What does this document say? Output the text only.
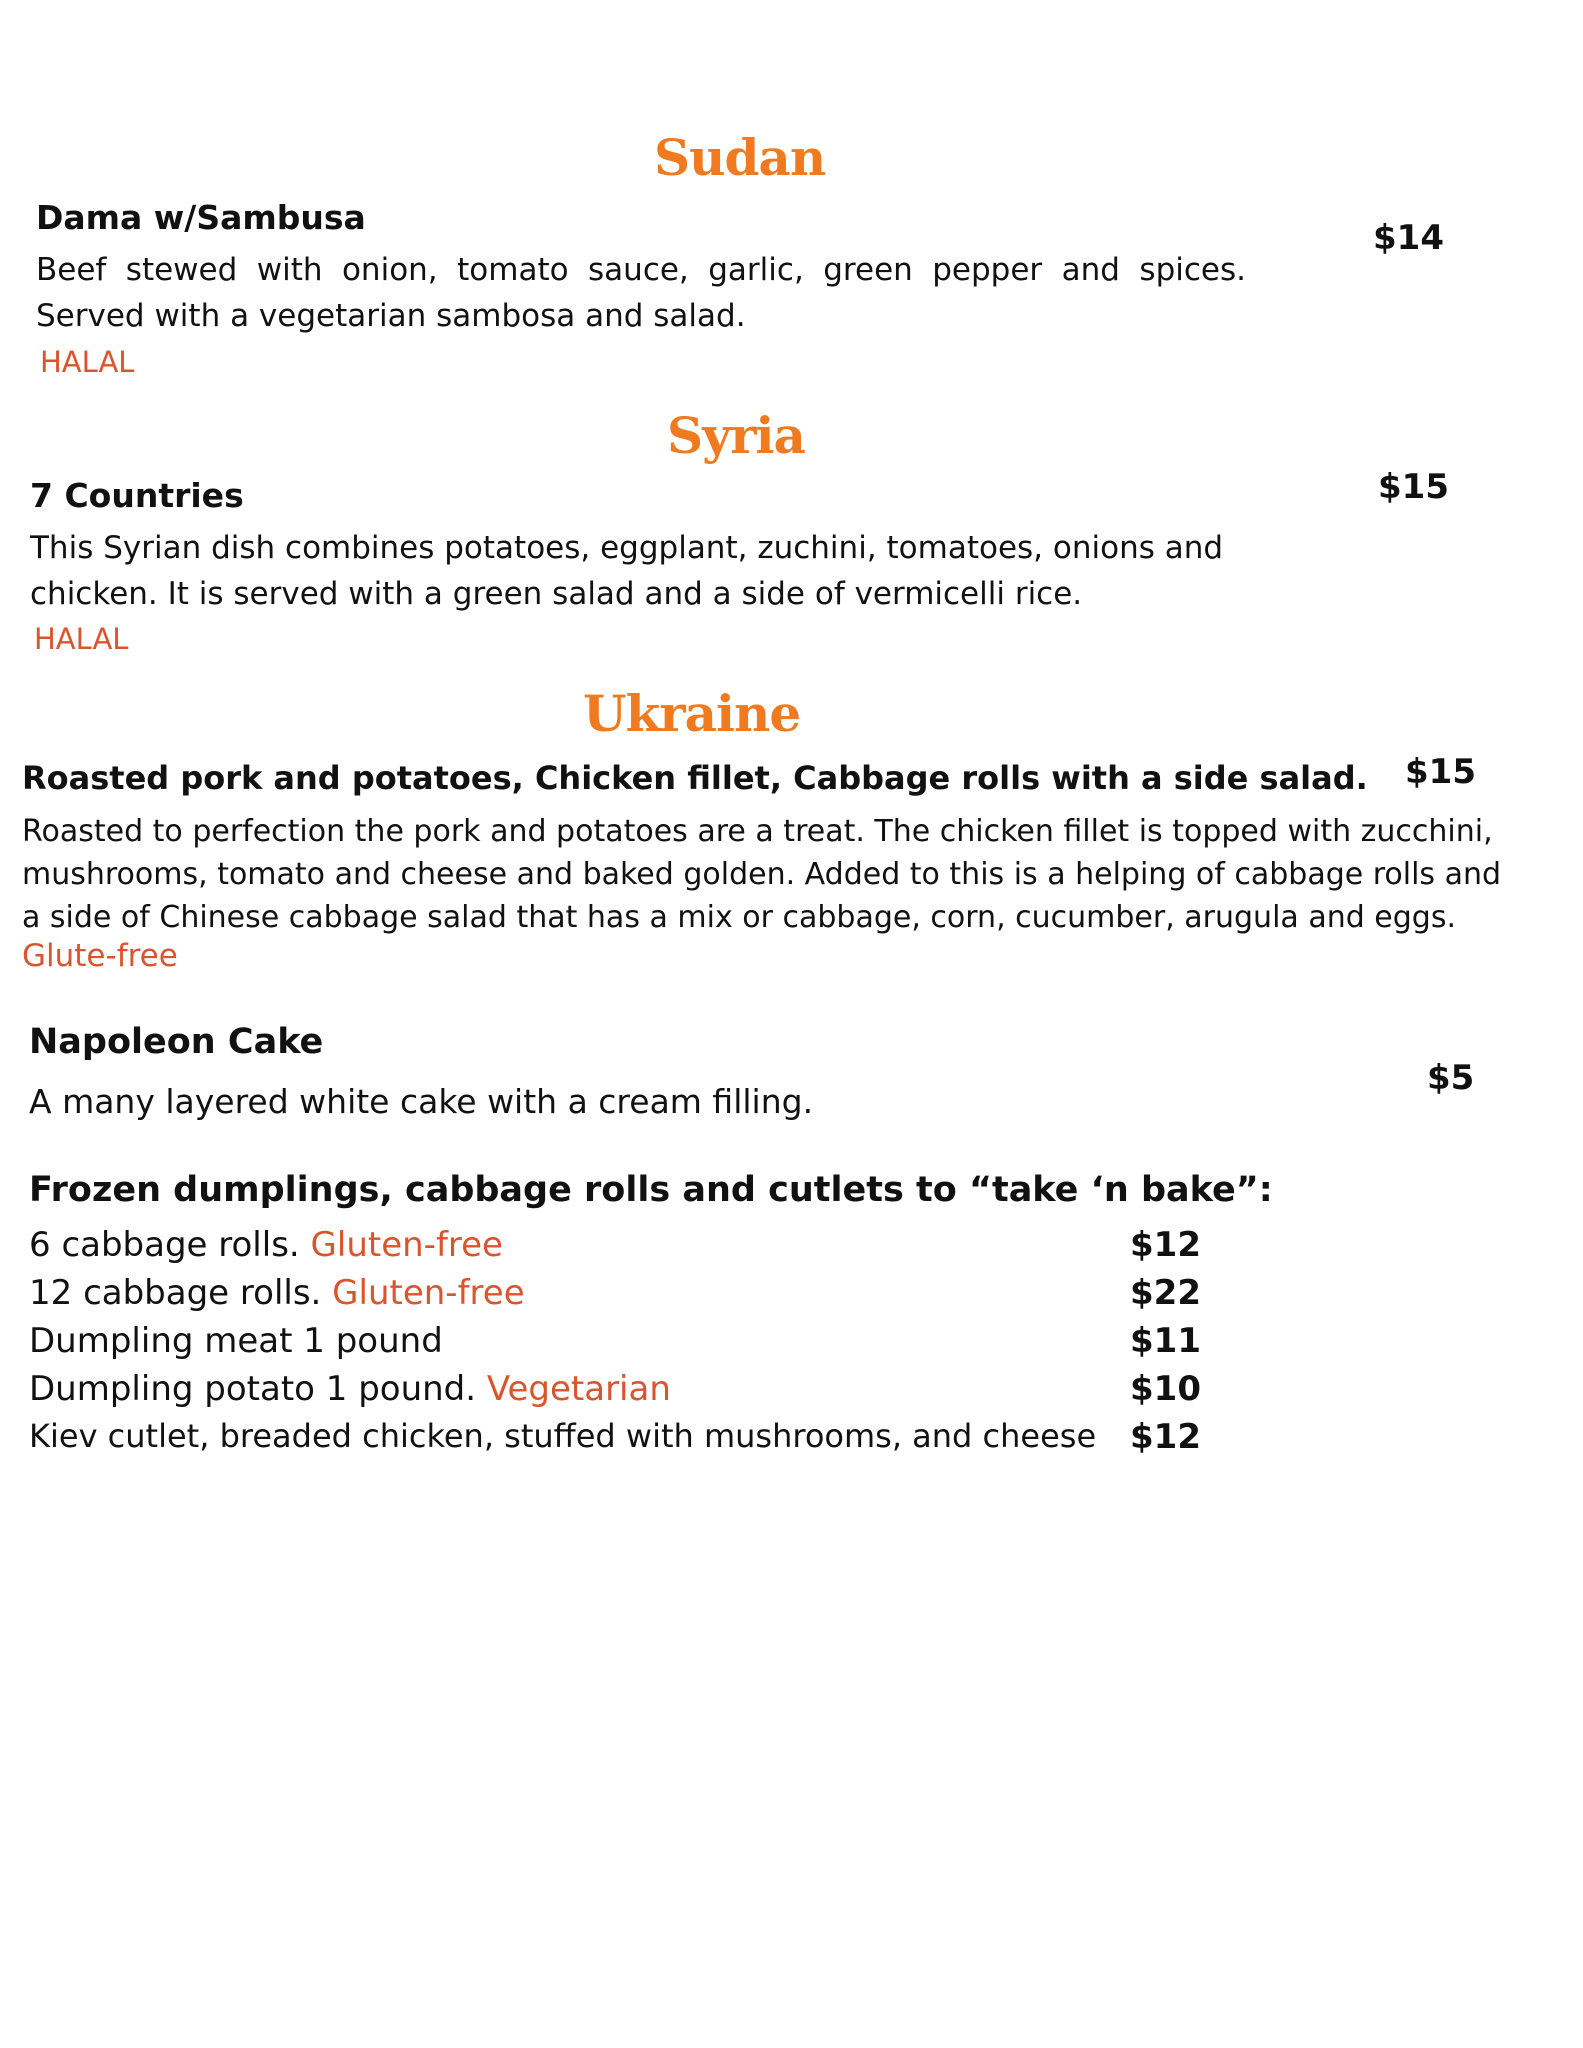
Sudan
Dama w/Sambusa
$14
Beef stewed with onion, tomato sauce, garlic, green pepper and spices. Served with a vegetarian sambosa and salad.
HALAL
Syria
7 Countries	$15
This Syrian dish combines potatoes, eggplant, zuchini, tomatoes, onions and chicken. It is served with a green salad and a side of vermicelli rice.
HALAL
Ukraine
Roasted pork and potatoes, Chicken fillet, Cabbage rolls with a side salad. $15
Roasted to perfection the pork and potatoes are a treat. The chicken fillet is topped with zucchini, mushrooms, tomato and cheese and baked golden. Added to this is a helping of cabbage rolls and a side of Chinese cabbage salad that has a mix or cabbage, corn, cucumber, arugula and eggs.
Glute-free
Napoleon Cake
A many layered white cake with a cream filling.
$5
Frozen dumplings, cabbage rolls and cutlets to “take ‘n bake”:
6 cabbage rolls. Gluten-free	$12
12 cabbage rolls. Gluten-free	$22
Dumpling meat 1 pound	$11
Dumpling potato 1 pound. Vegetarian	$10
Kiev cutlet, breaded chicken, stuffed with mushrooms, and cheese $12
